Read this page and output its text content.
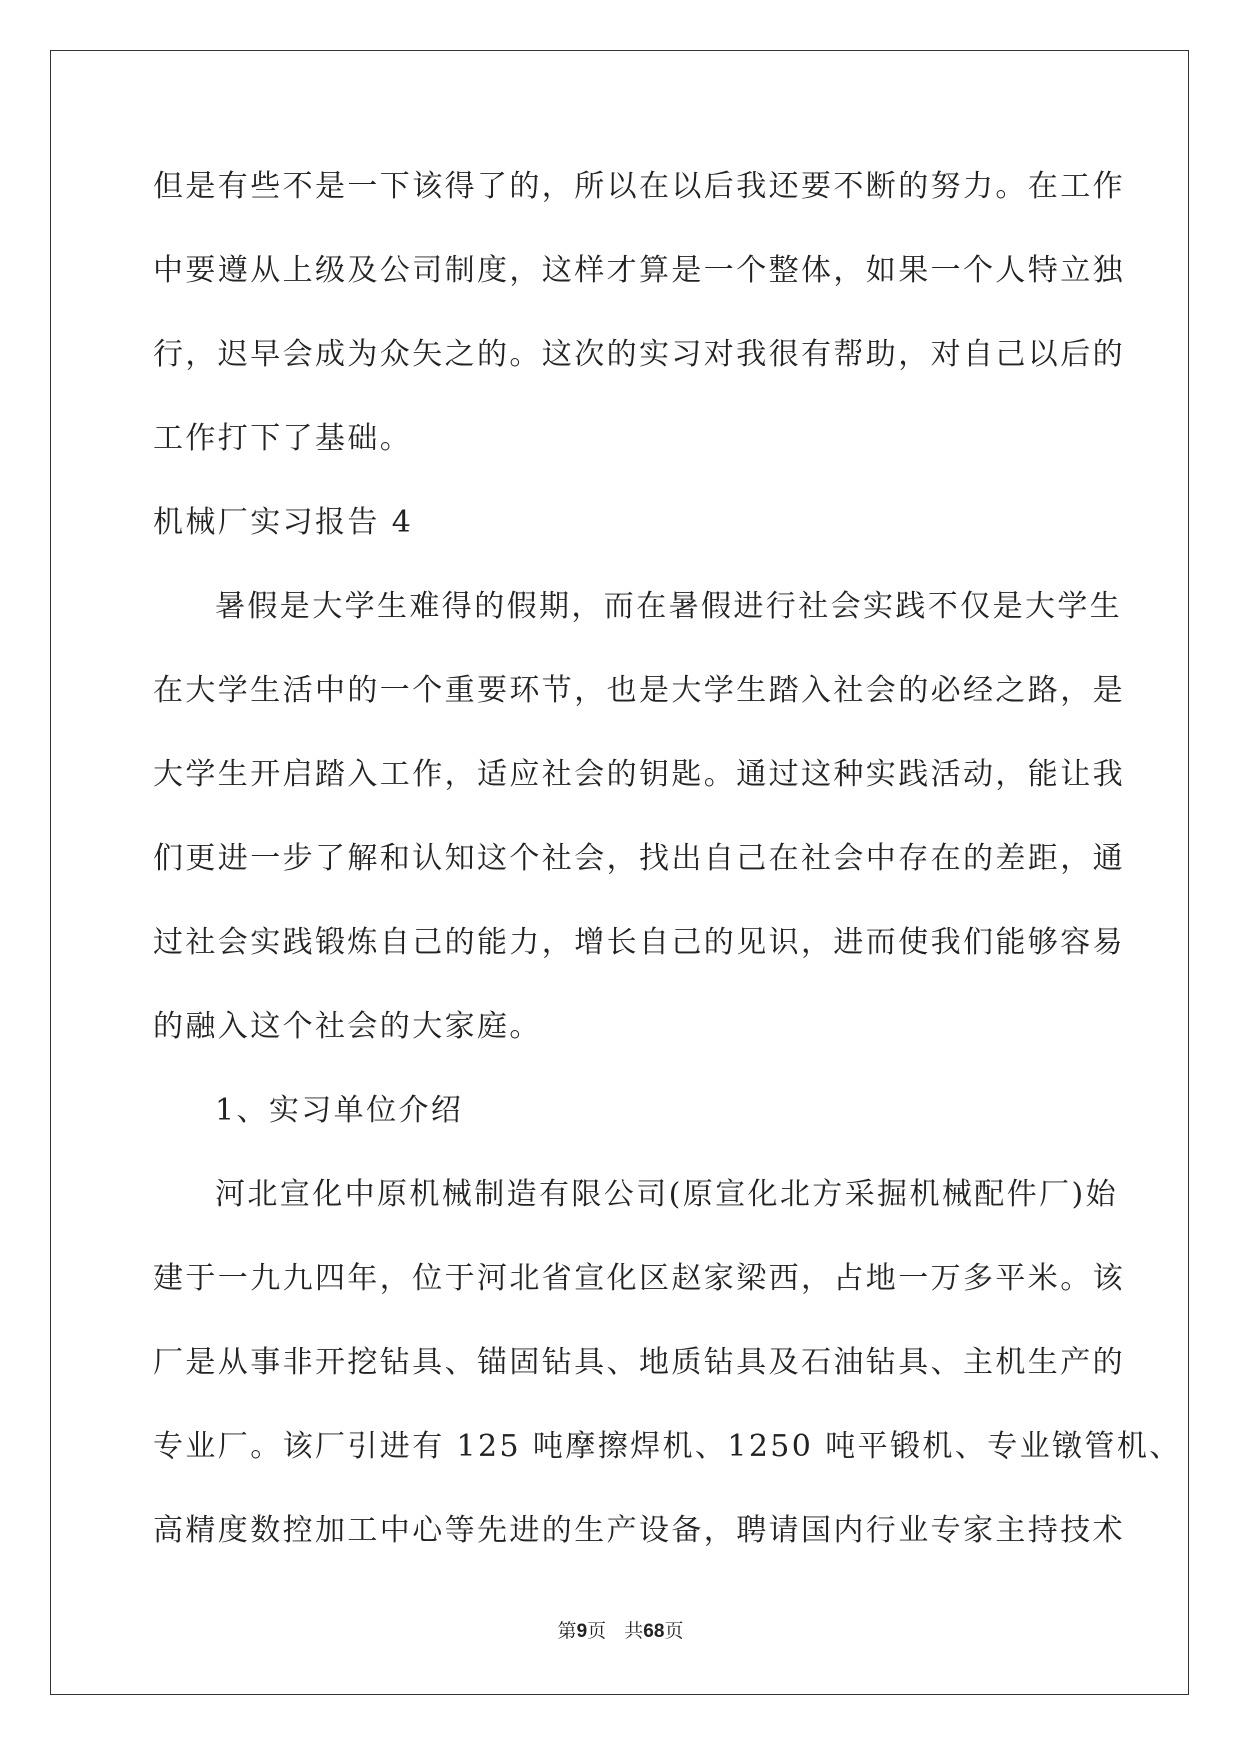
但是有些不是一下该得了的，所以在以后我还要不断的努力。在工作
中要遵从上级及公司制度，这样才算是一个整体，如果一个人特立独
行，迟早会成为众矢之的。这次的实习对我很有帮助，对自己以后的
工作打下了基础。
机械厂实习报告 4
暑假是大学生难得的假期，而在暑假进行社会实践不仅是大学生
在大学生活中的一个重要环节，也是大学生踏入社会的必经之路，是
大学生开启踏入工作，适应社会的钥匙。通过这种实践活动，能让我
们更进一步了解和认知这个社会，找出自己在社会中存在的差距，通
过社会实践锻炼自己的能力，增长自己的见识，进而使我们能够容易
的融入这个社会的大家庭。
1、实习单位介绍
河北宣化中原机械制造有限公司(原宣化北方采掘机械配件厂)始
建于一九九四年，位于河北省宣化区赵家梁西，占地一万多平米。该
厂是从事非开挖钻具、锚固钻具、地质钻具及石油钻具、主机生产的
专业厂。该厂引进有 125 吨摩擦焊机、1250 吨平锻机、专业镦管机、
高精度数控加工中心等先进的生产设备，聘请国内行业专家主持技术
第9页 共68页
